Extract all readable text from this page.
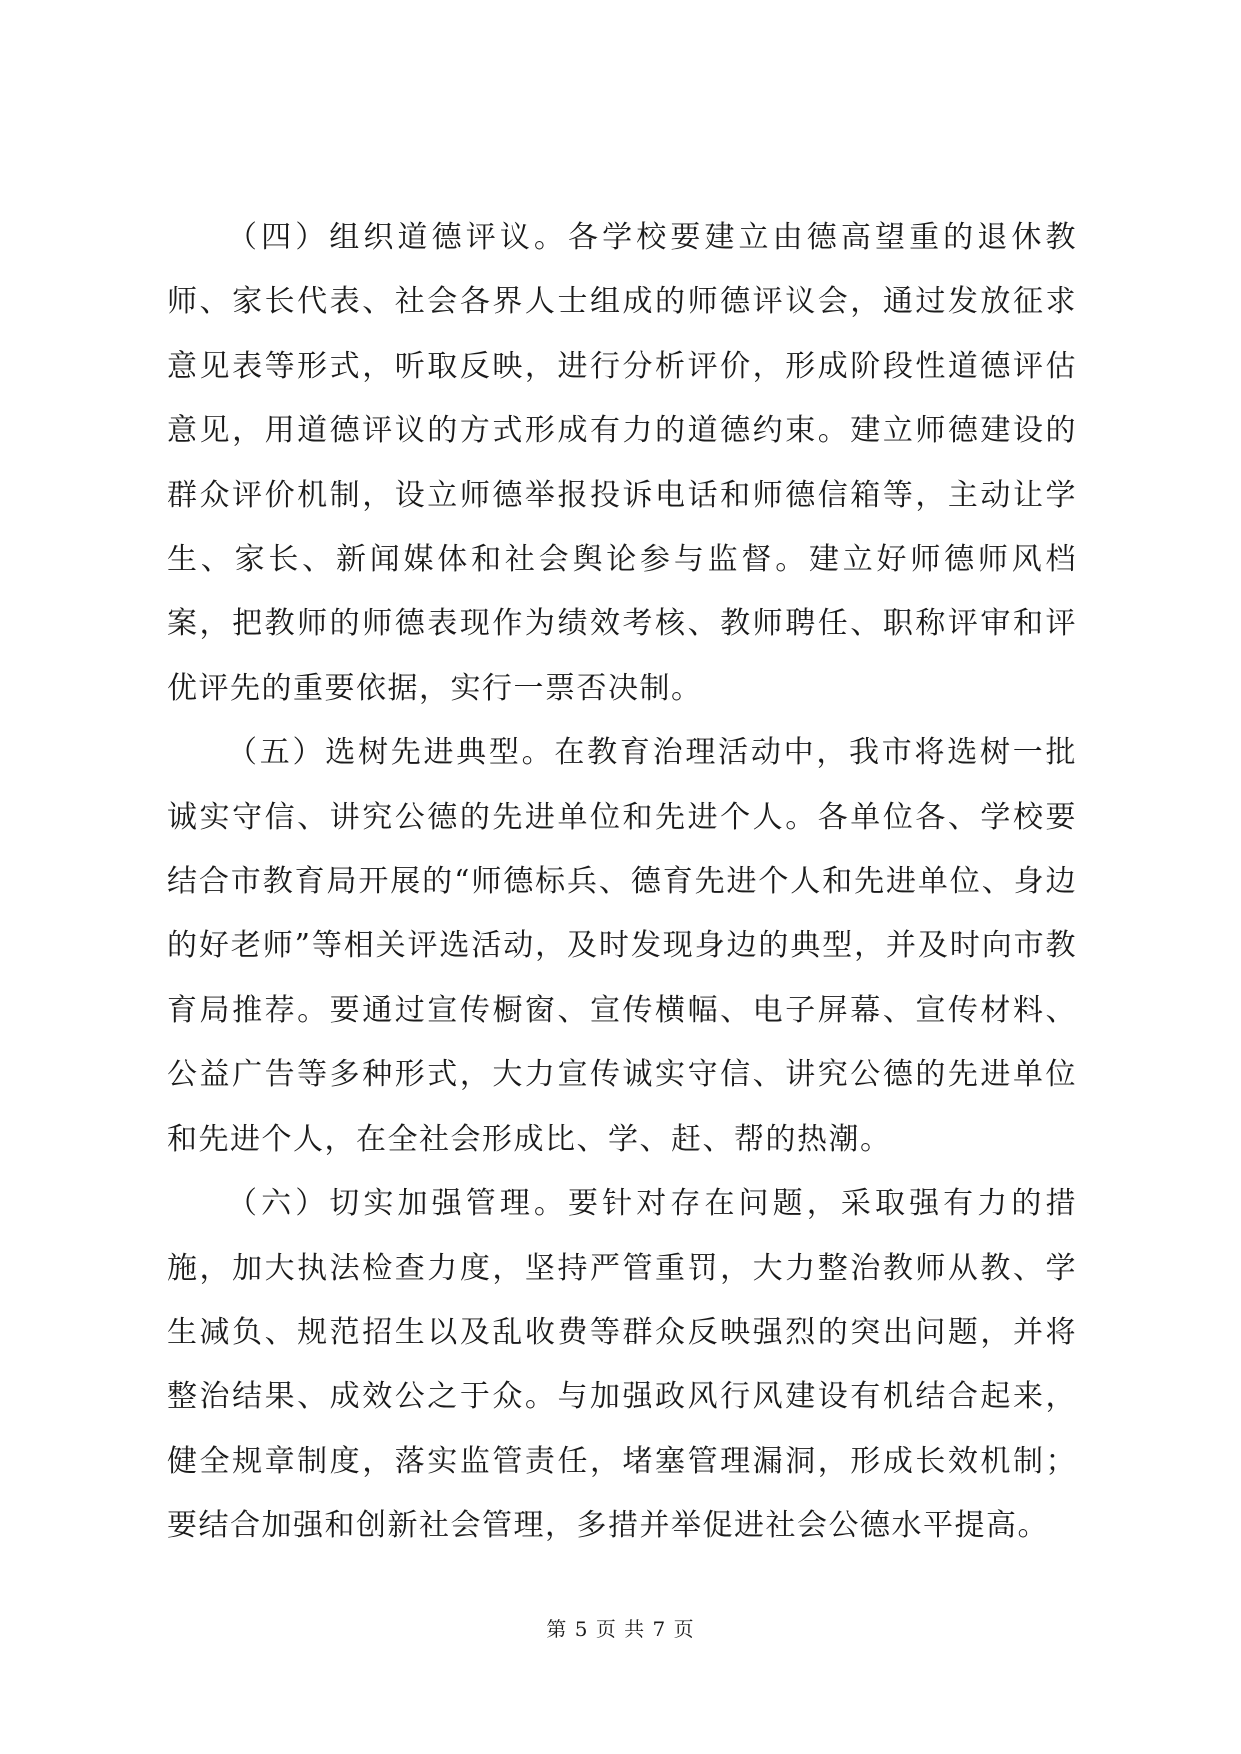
（四）组织道德评议。各学校要建立由德高望重的退休教师、家长代表、社会各界人士组成的师德评议会，通过发放征求意见表等形式，听取反映，进行分析评价，形成阶段性道德评估意见，用道德评议的方式形成有力的道德约束。建立师德建设的群众评价机制，设立师德举报投诉电话和师德信箱等，主动让学生、家长、新闻媒体和社会舆论参与监督。建立好师德师风档案，把教师的师德表现作为绩效考核、教师聘任、职称评审和评优评先的重要依据，实行一票否决制。

（五）选树先进典型。在教育治理活动中，我市将选树一批诚实守信、讲究公德的先进单位和先进个人。各单位各、学校要结合市教育局开展的“师德标兵、德育先进个人和先进单位、身边的好老师”等相关评选活动，及时发现身边的典型，并及时向市教育局推荐。要通过宣传橱窗、宣传横幅、电子屏幕、宣传材料、公益广告等多种形式，大力宣传诚实守信、讲究公德的先进单位和先进个人，在全社会形成比、学、赶、帮的热潮。

（六）切实加强管理。要针对存在问题，采取强有力的措施，加大执法检查力度，坚持严管重罚，大力整治教师从教、学生减负、规范招生以及乱收费等群众反映强烈的突出问题，并将整治结果、成效公之于众。与加强政风行风建设有机结合起来，健全规章制度，落实监管责任，堵塞管理漏洞，形成长效机制；要结合加强和创新社会管理，多措并举促进社会公德水平提高。

第 5 页 共 7 页
